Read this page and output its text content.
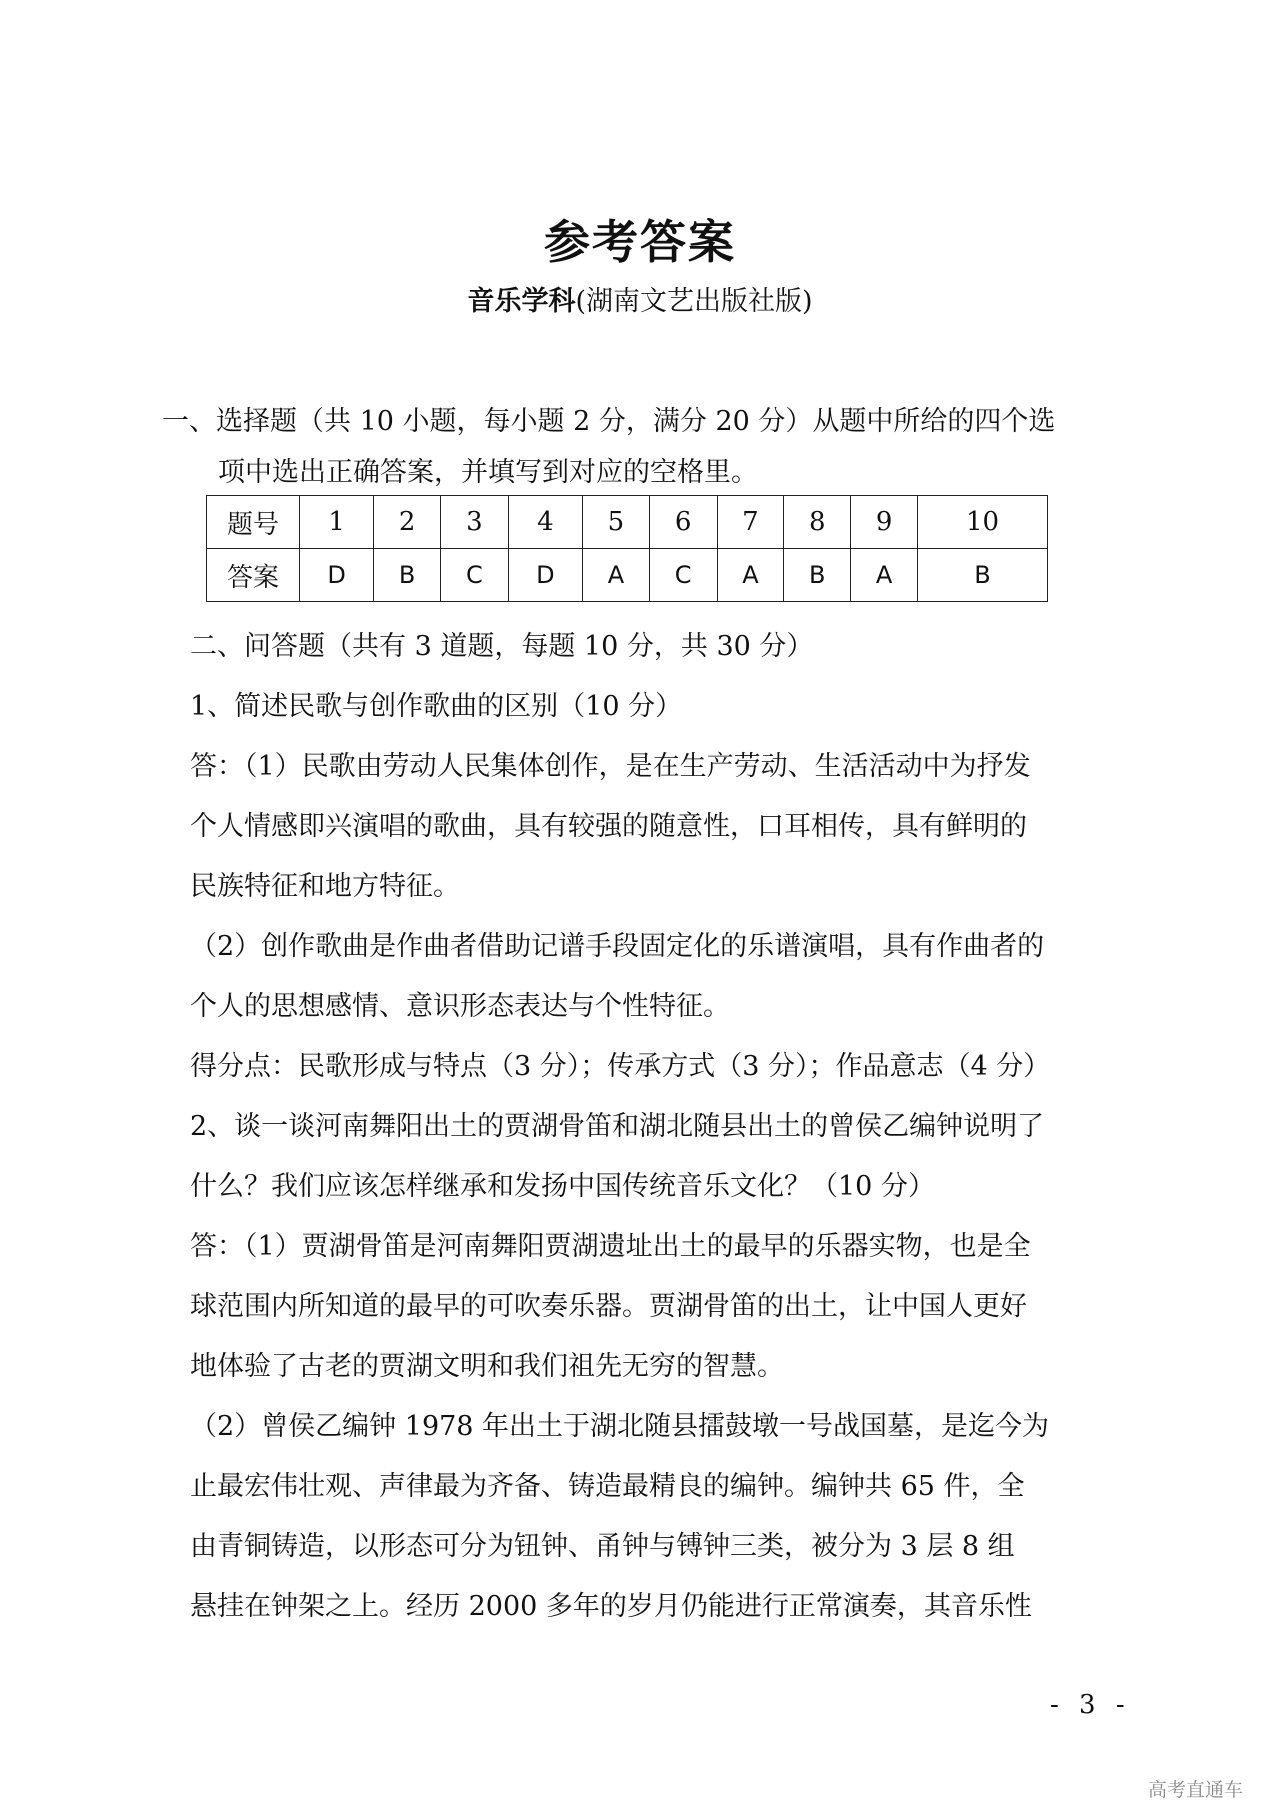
参考答案
音乐学科(湖南文艺出版社版)
一、选择题（共 10 小题，每小题 2 分，满分 20 分）从题中所给的四个选
项中选出正确答案，并填写到对应的空格里。
题号	1	2	3	4	5	6	7	8	9	10
答案	D	B	C	D	A	C	A	B	A	B

二、问答题（共有 3 道题，每题 10 分，共 30 分）

1、简述民歌与创作歌曲的区别（10 分）

答：（1）民歌由劳动人民集体创作，是在生产劳动、生活活动中为抒发

个人情感即兴演唱的歌曲，具有较强的随意性，口耳相传，具有鲜明的

民族特征和地方特征。

（2）创作歌曲是作曲者借助记谱手段固定化的乐谱演唱，具有作曲者的

个人的思想感情、意识形态表达与个性特征。

得分点：民歌形成与特点（3 分）；传承方式（3 分）；作品意志（4 分）

2、谈一谈河南舞阳出土的贾湖骨笛和湖北随县出土的曾侯乙编钟说明了

什么？我们应该怎样继承和发扬中国传统音乐文化？（10 分）

答：（1）贾湖骨笛是河南舞阳贾湖遗址出土的最早的乐器实物，也是全

球范围内所知道的最早的可吹奏乐器。贾湖骨笛的出土，让中国人更好

地体验了古老的贾湖文明和我们祖先无穷的智慧。

（2）曾侯乙编钟 1978 年出土于湖北随县擂鼓墩一号战国墓，是迄今为

止最宏伟壮观、声律最为齐备、铸造最精良的编钟。编钟共 65 件，全

由青铜铸造，以形态可分为钮钟、甬钟与镈钟三类，被分为 3 层 8 组

悬挂在钟架之上。经历 2000 多年的岁月仍能进行正常演奏，其音乐性

- 3 -
高考直通车
